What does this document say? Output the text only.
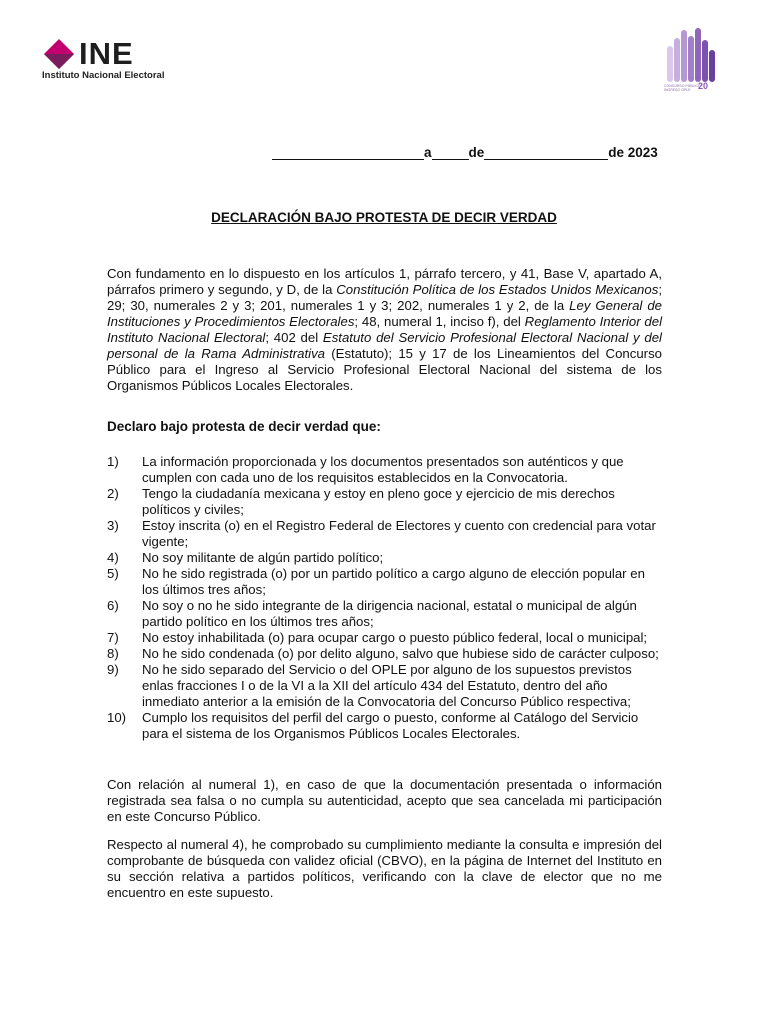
INE
Instituto Nacional Electoral
CONCURSO PÚBLICO INGRESO OPLE 20
a	de	de 2023
DECLARACIÓN BAJO PROTESTA DE DECIR VERDAD
Con fundamento en lo dispuesto en los artículos 1, párrafo tercero, y 41, Base V, apartado A, párrafos primero y segundo, y D, de la Constitución Política de los Estados Unidos Mexicanos; 29; 30, numerales 2 y 3; 201, numerales 1 y 3; 202, numerales 1 y 2, de la Ley General de Instituciones y Procedimientos Electorales; 48, numeral 1, inciso f), del Reglamento Interior del Instituto Nacional Electoral; 402 del Estatuto del Servicio Profesional Electoral Nacional y del personal de la Rama Administrativa (Estatuto); 15 y 17 de los Lineamientos del Concurso Público para el Ingreso al Servicio Profesional Electoral Nacional del sistema de los Organismos Públicos Locales Electorales.
Declaro bajo protesta de decir verdad que:
1) La información proporcionada y los documentos presentados son auténticos y que cumplen con cada uno de los requisitos establecidos en la Convocatoria.
2) Tengo la ciudadanía mexicana y estoy en pleno goce y ejercicio de mis derechos políticos y civiles;
3) Estoy inscrita (o) en el Registro Federal de Electores y cuento con credencial para votar vigente;
4) No soy militante de algún partido político;
5) No he sido registrada (o) por un partido político a cargo alguno de elección popular en los últimos tres años;
6) No soy o no he sido integrante de la dirigencia nacional, estatal o municipal de algún partido político en los últimos tres años;
7) No estoy inhabilitada (o) para ocupar cargo o puesto público federal, local o municipal;
8) No he sido condenada (o) por delito alguno, salvo que hubiese sido de carácter culposo;
9) No he sido separado del Servicio o del OPLE por alguno de los supuestos previstos enlas fracciones I o de la VI a la XII del artículo 434 del Estatuto, dentro del año inmediato anterior a la emisión de la Convocatoria del Concurso Público respectiva;
10) Cumplo los requisitos del perfil del cargo o puesto, conforme al Catálogo del Servicio para el sistema de los Organismos Públicos Locales Electorales.

Con relación al numeral 1), en caso de que la documentación presentada o información registrada sea falsa o no cumpla su autenticidad, acepto que sea cancelada mi participación en este Concurso Público.

Respecto al numeral 4), he comprobado su cumplimiento mediante la consulta e impresión del comprobante de búsqueda con validez oficial (CBVO), en la página de Internet del Instituto en su sección relativa a partidos políticos, verificando con la clave de elector que no me encuentro en este supuesto.
